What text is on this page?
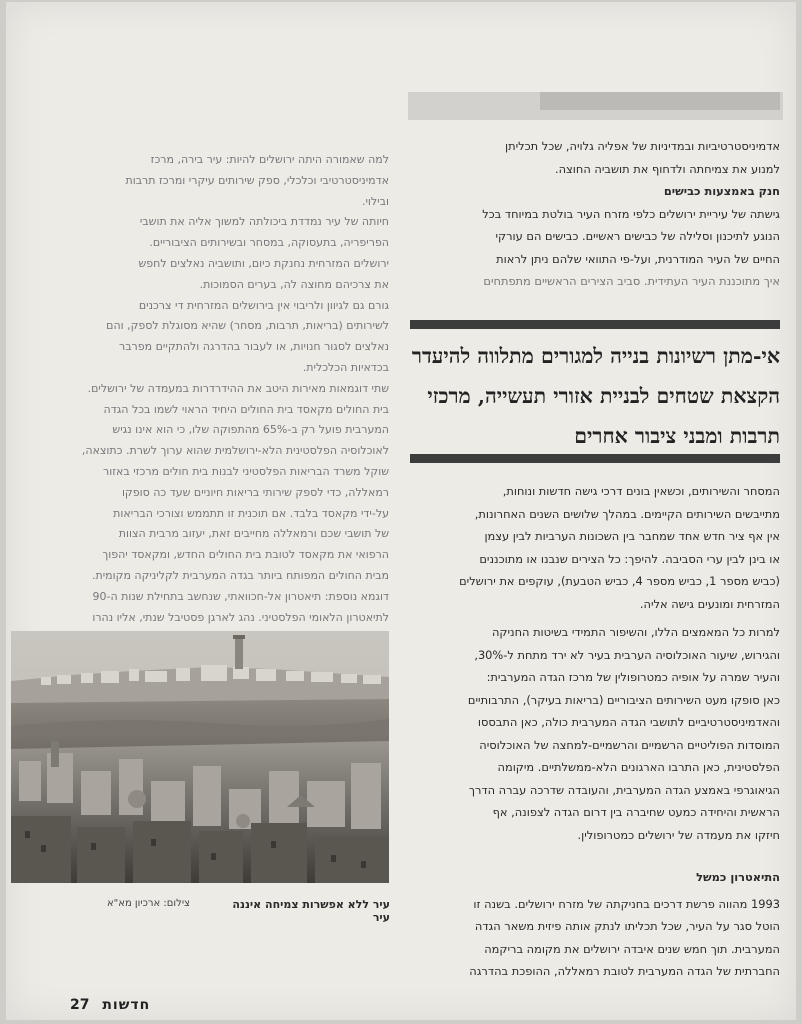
אדמיניסטרטיביות ובמדיניות של אפליה גלויה, שכל תכליתן

למנוע את צמיחתה ולדחוף את תושביה החוצה.

חנק באמצעות כבישים

גישתה של עיריית ירושלים כלפי מזרח העיר בולטת במיוחד בכל

הנוגע לתיכנון וסלילה של כבישים ראשיים. כבישים הם עורקי

החיים של העיר המודרנית, ועל-פי התוואי שלהם ניתן לראות

איך מתוכננת העיר העתידית. סביב הצירים הראשיים מתפתחים

אי-מתן רשיונות בנייה למגורים מתלווה להיעדר
הקצאת שטחים לבניית אזורי תעשייה, מרכזי
תרבות ומבני ציבור אחרים

המסחר והשירותים, וכשאין בונים דרכי גישה חדשות ונוחות,

מתייבשים השירותים הקיימים. במהלך שלושים השנים האחרונות,

אין אף ציר חדש אחד שמחבר בין השכונות הערביות לבין עצמן

או בינן לבין ערי הסביבה. להיפך: כל הצירים שנבנו או מתוכננים

(כביש מספר 1, כביש מספר 4, כביש הטבעת), עוקפים את ירושלים

המזרחית ומונעים גישה אליה.

למרות כל המאמצים הללו, והשיפור התמידי בשיטות החניקה

והגירוש, שיעור האוכלוסיה הערבית בעיר לא ירד מתחת ל-30%,

והעיר שמרה על אופיה כמטרופולין של מרכז הגדה המערבית:

כאן סופקו מעט השירותים הציבוריים (בריאות בעיקר), התרבותיים

והאדמיניסטרטיביים לתושבי הגדה המערבית כולה, כאן התבססו

המוסדות הפוליטיים הרשמיים והרשמיים-למחצה של האוכלוסיה

הפלסטינית, כאן התרבו הארגונים הלא-ממשלתיים. מיקומה

הגיאוגרפי באמצע הגדה המערבית, והעובדה שדרכה עברה הדרך

הראשית והיחידה כמעט שחיברה בין דרום הגדה לצפונה, אף

חיזקו את מעמדה של ירושלים כמטרופולין.

התיאטרון כמשל

1993 מהווה פרשת דרכים בחניקתה של מזרח ירושלים. בשנה זו

הוטל סגר על העיר, שכל תכליתו לנתק אותה פיזית משאר הגדה

המערבית. תוך חמש שנים איבדה ירושלים את מקומה בריקמה

החברתית של הגדה המערבית לטובת רמאללה, ההופכת בהדרגה

למה שאמורה היתה ירושלים להיות: עיר בירה, מרכז

אדמיניסטרטיבי וכלכלי, ספק שירותים עיקרי ומרכז תרבות

ובילוי.

חיותה של עיר נמדדת ביכולתה למשוך אליה את תושבי

הפריפריה, בתעסוקה, במסחר ובשירותים הציבוריים.

ירושלים המזרחית נחנקת כיום, ותושביה נאלצים לחפש

את צרכיהם מחוצה לה, בערים הסמוכות.

גורם גם לגיוון ולריבוי אין בירושלים המזרחית די צרכנים

לשירותים (בריאות, תרבות, מסחר) שהיא מסוגלת לספק, והם

נאלצים לסגור חנויות, או לעבור בהדרגה ולהתקיים מפרבר

בכדאיות הכלכלית.

שתי דוגמאות מאירות היטב את ההידרדרות במעמדה של ירושלים.

בית החולים מקאסד בית החולים היחיד הראוי לשמו בכל הגדה

המערבית פועל רק ב-65% מהתפוקה שלו, כי הוא אינו נגיש

לאוכלוסיה הפלסטינית הלא-ירושלמית שהוא ערוך לשרת. כתוצאה,

שוקל משרד הבריאות הפלסטיני לבנות בית חולים מרכזי באזור

רמאללה, כדי לספק שירותי בריאות חיוניים שעד כה סופקו

על-ידי מקאסד בלבד. אם תוכנית זו תתממש וצורכי הבריאות

של תושבי שכם ורמאללה מחייבים זאת, יעזוב מרבית הצוות

הרפואי את מקאסד לטובת בית החולים החדש, ומקאסד יהפוך

מבית החולים המפותח ביותר בגדה המערבית לקליניקה מקומית.

דוגמא נוספת: תיאטרון אל-חכוואתי, שנחשב בתחילת שנות ה-90

לתיאטרון הלאומי הפלסטיני. נהג לארגן פסטיבל שנתי, אליו נהרו

עיר ללא אפשרות צמיחה איננה עיר
צילום: ארכיון מא"א
27 חדשות
